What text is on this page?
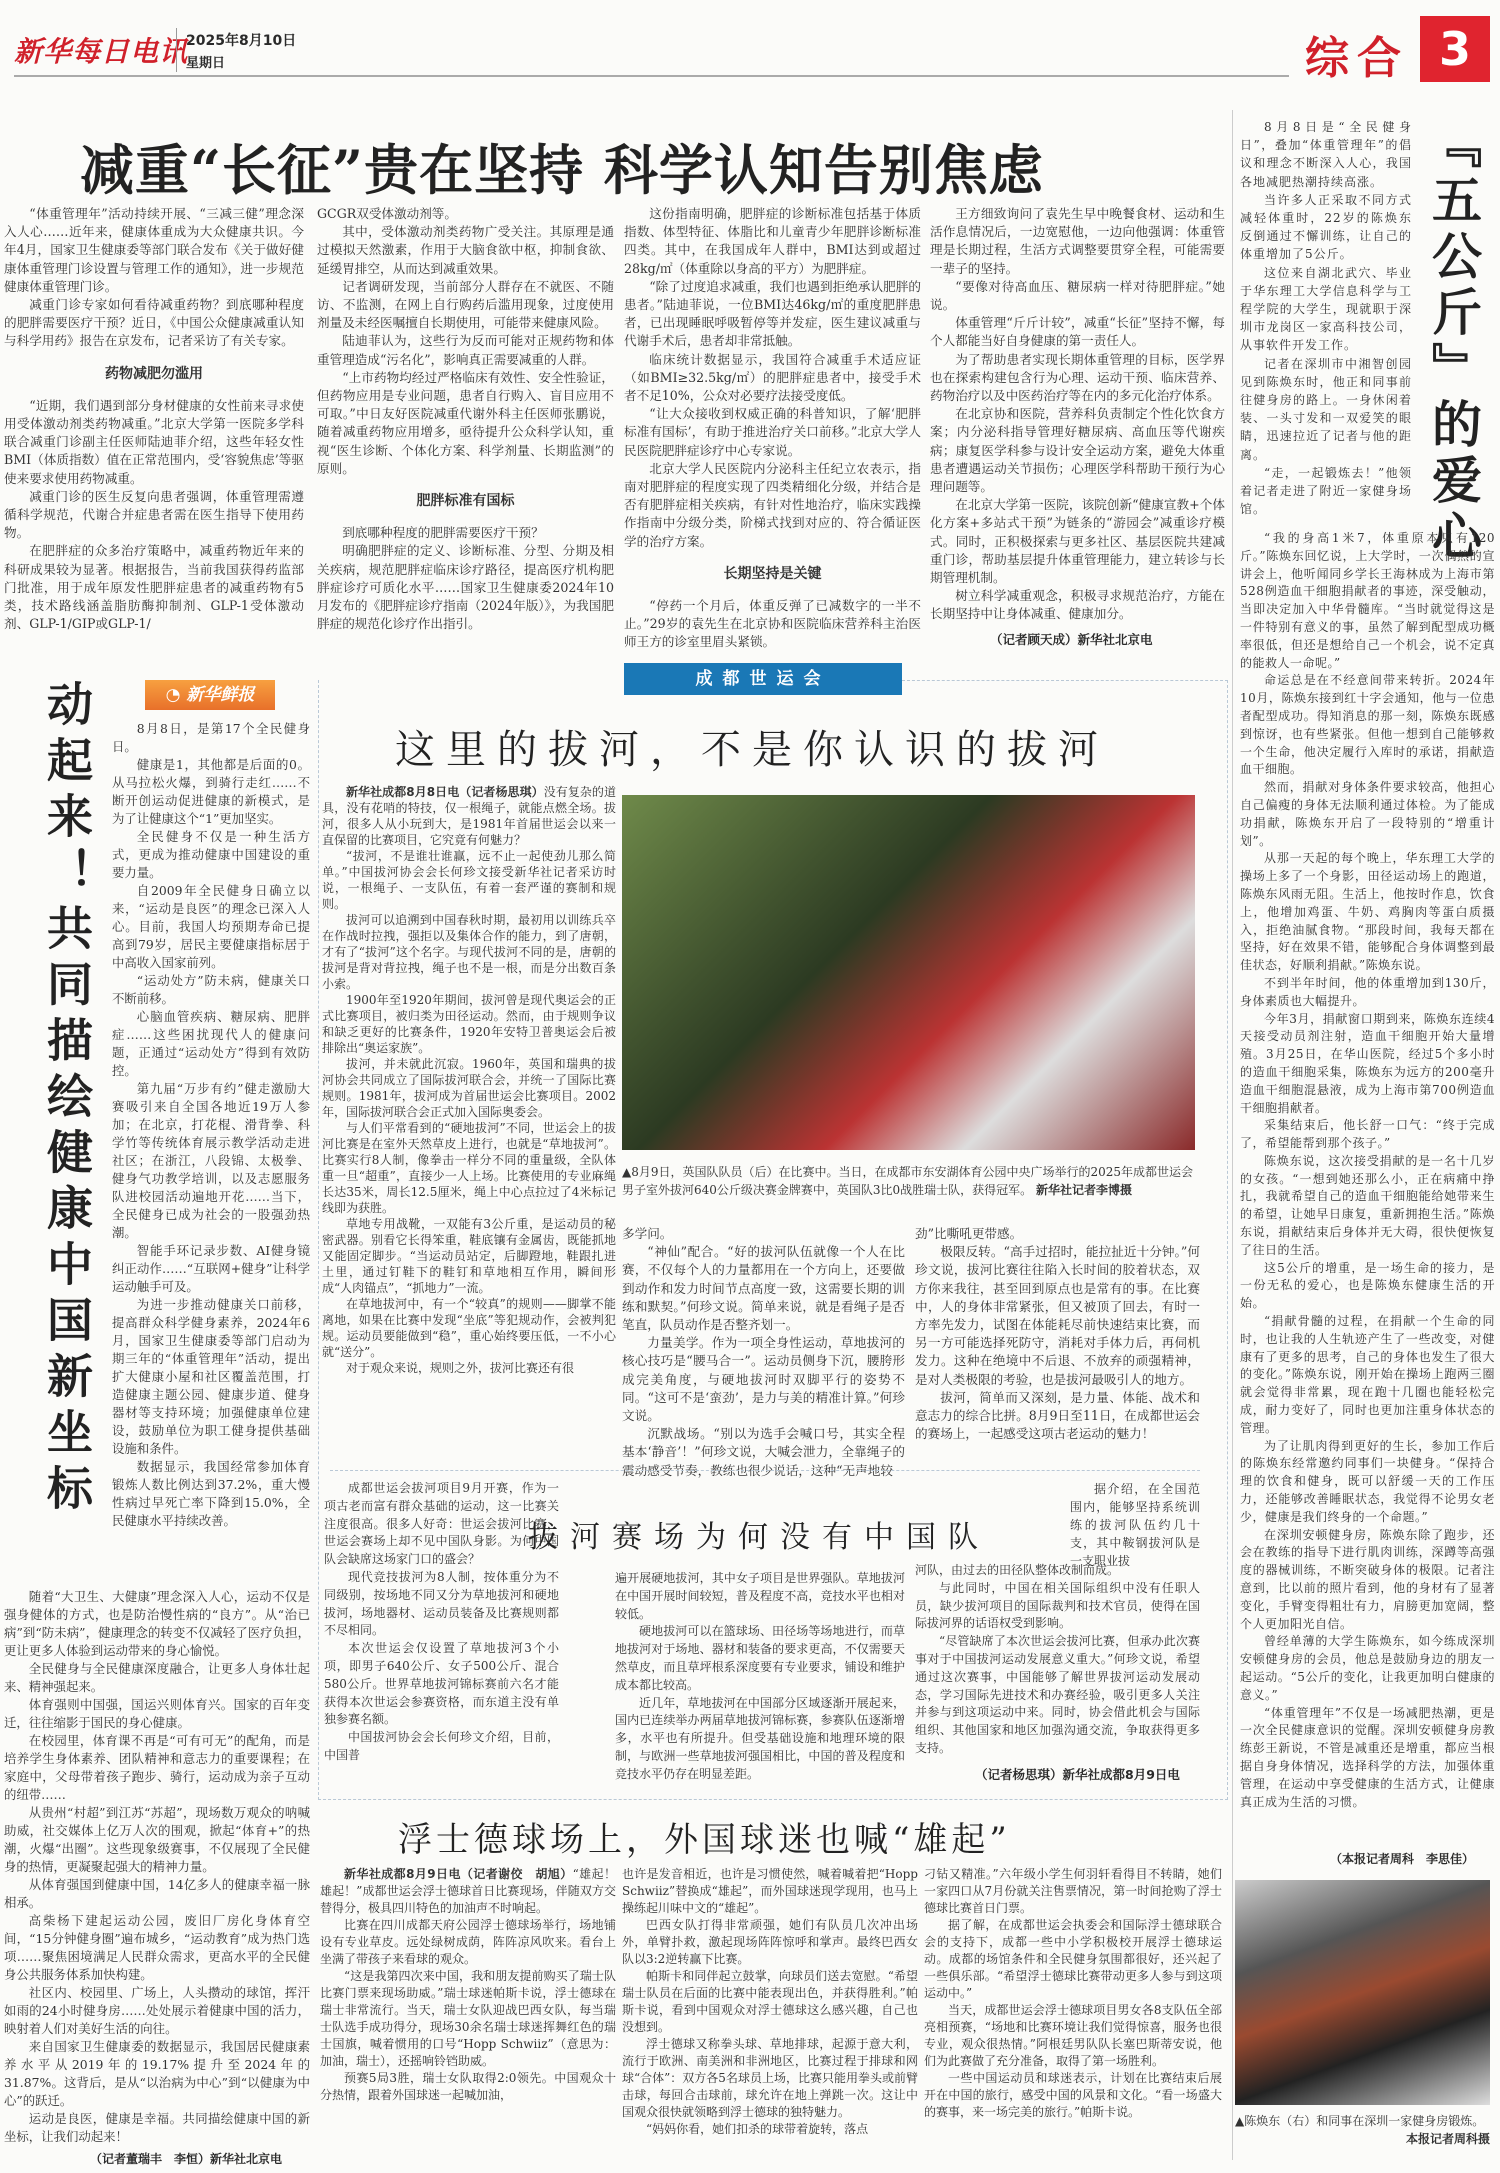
新华每日电讯
2025年8月10日
星期日	综合 3
减重“长征”贵在坚持 科学认知告别焦虑

“体重管理年”活动持续开展、“三减三健”理念深入人心……近年来，健康体重成为大众健康共识。今年4月，国家卫生健康委等部门联合发布《关于做好健康体重管理门诊设置与管理工作的通知》，进一步规范健康体重管理门诊。

减重门诊专家如何看待减重药物？到底哪种程度的肥胖需要医疗干预？近日，《中国公众健康减重认知与科学用药》报告在京发布，记者采访了有关专家。

药物减肥勿滥用

“近期，我们遇到部分身材健康的女性前来寻求使用受体激动剂类药物减重。”北京大学第一医院多学科联合减重门诊副主任医师陆迪菲介绍，这些年轻女性BMI（体质指数）值在正常范围内，受‘容貌焦虑’等驱使来要求使用药物减重。

减重门诊的医生反复向患者强调，体重管理需遵循科学规范，代谢合并症患者需在医生指导下使用药物。

在肥胖症的众多治疗策略中，减重药物近年来的科研成果较为显著。根据报告，当前我国获得药监部门批准，用于成年原发性肥胖症患者的减重药物有5类，技术路线涵盖脂肪酶抑制剂、GLP-1受体激动剂、GLP-1/GIP或GLP-1/

GCGR双受体激动剂等。

其中，受体激动剂类药物广受关注。其原理是通过模拟天然激素，作用于大脑食欲中枢，抑制食欲、延缓胃排空，从而达到减重效果。

记者调研发现，当前部分人群存在不就医、不随访、不监测，在网上自行购药后滥用现象，过度使用剂量及未经医嘱擅自长期使用，可能带来健康风险。

陆迪菲认为，这些行为反而可能对正规药物和体重管理造成“污名化”，影响真正需要减重的人群。

“上市药物均经过严格临床有效性、安全性验证，但药物应用是专业问题，患者自行购入、盲目应用不可取。”中日友好医院减重代谢外科主任医师张鹏说，随着减重药物应用增多，亟待提升公众科学认知，重视“医生诊断、个体化方案、科学剂量、长期监测”的原则。

肥胖标准有国标

到底哪种程度的肥胖需要医疗干预？

明确肥胖症的定义、诊断标准、分型、分期及相关疾病，规范肥胖症临床诊疗路径，提高医疗机构肥胖症诊疗可质化水平……国家卫生健康委2024年10月发布的《肥胖症诊疗指南（2024年版）》，为我国肥胖症的规范化诊疗作出指引。

这份指南明确，肥胖症的诊断标准包括基于体质指数、体型特征、体脂比和儿童青少年肥胖诊断标准四类。其中，在我国成年人群中，BMI达到或超过28kg/㎡（体重除以身高的平方）为肥胖症。

“除了过度追求减重，我们也遇到拒绝承认肥胖的患者。”陆迪菲说，一位BMI达46kg/㎡的重度肥胖患者，已出现睡眠呼吸暂停等并发症，医生建议减重与代谢手术后，患者却非常抵触。

临床统计数据显示，我国符合减重手术适应证（如BMI≥32.5kg/㎡）的肥胖症患者中，接受手术者不足10%，公众对必要疗法接受度低。

“让大众接收到权威正确的科普知识，了解‘肥胖标准有国标’，有助于推进治疗关口前移。”北京大学人民医院肥胖症诊疗中心专家说。

北京大学人民医院内分泌科主任纪立农表示，指南对肥胖症的程度实现了四类精细化分级，并结合是否有肥胖症相关疾病，有针对性地治疗，临床实践操作指南中分级分类，阶梯式找到对应的、符合循证医学的治疗方案。

长期坚持是关键

“停药一个月后，体重反弹了已减数字的一半不止。”29岁的袁先生在北京协和医院临床营养科主治医师王方的诊室里眉头紧锁。

王方细致询问了袁先生早中晚餐食材、运动和生活作息情况后，一边宽慰他，一边向他强调：体重管理是长期过程，生活方式调整要贯穿全程，可能需要一辈子的坚持。

“要像对待高血压、糖尿病一样对待肥胖症。”她说。

体重管理“斤斤计较”，减重“长征”坚持不懈，每个人都能当好自身健康的第一责任人。

为了帮助患者实现长期体重管理的目标，医学界也在探索构建包含行为心理、运动干预、临床营养、药物治疗以及中医药治疗等在内的多元化治疗体系。

在北京协和医院，营养科负责制定个性化饮食方案；内分泌科指导管理好糖尿病、高血压等代谢疾病；康复医学科参与设计安全运动方案，避免大体重患者遭遇运动关节损伤；心理医学科帮助干预行为心理问题等。

在北京大学第一医院，该院创新“健康宣教+个体化方案+多站式干预”为链条的“游园会”减重诊疗模式。同时，正积极探索与更多社区、基层医院共建减重门诊，帮助基层提升体重管理能力，建立转诊与长期管理机制。

树立科学减重观念，积极寻求规范治疗，方能在长期坚持中让身体减重、健康加分。

（记者顾天成）新华社北京电
『五公斤』的爱心

8月8日是“全民健身日”，叠加“体重管理年”的倡议和理念不断深入人心，我国各地减肥热潮持续高涨。

当许多人正采取不同方式减轻体重时，22岁的陈焕东反倒通过不懈训练，让自己的体重增加了5公斤。

这位来自湖北武穴、毕业于华东理工大学信息科学与工程学院的大学生，现就职于深圳市龙岗区一家高科技公司，从事软件开发工作。

记者在深圳市中湘智创园见到陈焕东时，他正和同事前往健身房的路上。一身休闲着装、一头寸发和一双爱笑的眼睛，迅速拉近了记者与他的距离。

“走，一起锻炼去！”他领着记者走进了附近一家健身场馆。

“我的身高1米7，体重原本只有120斤。”陈焕东回忆说，上大学时，一次偶然的宣讲会上，他听闻同乡学长王海林成为上海市第528例造血干细胞捐献者的事迹，深受触动，当即决定加入中华骨髓库。“当时就觉得这是一件特别有意义的事，虽然了解到配型成功概率很低，但还是想给自己一个机会，说不定真的能救人一命呢。”

命运总是在不经意间带来转折。2024年10月，陈焕东接到红十字会通知，他与一位患者配型成功。得知消息的那一刻，陈焕东既感到惊讶，也有些紧张。但他一想到自己能够救一个生命，他决定履行入库时的承诺，捐献造血干细胞。

然而，捐献对身体条件要求较高，他担心自己偏瘦的身体无法顺利通过体检。为了能成功捐献，陈焕东开启了一段特别的“增重计划”。

从那一天起的每个晚上，华东理工大学的操场上多了一个身影，田径运动场上的跑道，陈焕东风雨无阻。生活上，他按时作息，饮食上，他增加鸡蛋、牛奶、鸡胸肉等蛋白质摄入，拒绝油腻食物。“那段时间，我每天都在坚持，好在效果不错，能够配合身体调整到最佳状态，好顺利捐献。”陈焕东说。

不到半年时间，他的体重增加到130斤，身体素质也大幅提升。

今年3月，捐献窗口期到来，陈焕东连续4天接受动员剂注射，造血干细胞开始大量增殖。3月25日，在华山医院，经过5个多小时的造血干细胞采集，陈焕东为远方的200毫升造血干细胞混悬液，成为上海市第700例造血干细胞捐献者。

采集结束后，他长舒一口气：“终于完成了，希望能帮到那个孩子。”

陈焕东说，这次接受捐献的是一名十几岁的女孩。“一想到她还那么小，正在病痛中挣扎，我就希望自己的造血干细胞能给她带来生的希望，让她早日康复，重新拥抱生活。”陈焕东说，捐献结束后身体并无大碍，很快便恢复了往日的生活。

这5公斤的增重，是一场生命的接力，是一份无私的爱心，也是陈焕东健康生活的开始。

“捐献骨髓的过程，在捐献一个生命的同时，也让我的人生轨迹产生了一些改变，对健康有了更多的思考，自己的身体也发生了很大的变化。”陈焕东说，刚开始在操场上跑两三圈就会觉得非常累，现在跑十几圈也能轻松完成，耐力变好了，同时也更加注重身体状态的管理。

为了让肌肉得到更好的生长，参加工作后的陈焕东经常邀约同事们一块健身。“保持合理的饮食和健身，既可以舒缓一天的工作压力，还能够改善睡眠状态，我觉得不论男女老少，健康是我们终身的一个命题。”

在深圳安顿健身房，陈焕东除了跑步，还会在教练的指导下进行肌肉训练，深蹲等高强度的器械训练，不断突破身体的极限。记者注意到，比以前的照片看到，他的身材有了显著变化，手臂变得粗壮有力，肩膀更加宽阔，整个人更加阳光自信。

曾经单薄的大学生陈焕东，如今练成深圳安顿健身房的会员，他总是鼓励身边的朋友一起运动。“5公斤的变化，让我更加明白健康的意义。”

“体重管理年”不仅是一场减肥热潮，更是一次全民健康意识的觉醒。深圳安顿健身房教练彭王新说，不管是减重还是增重，都应当根据自身身体情况，选择科学的方法，加强体重管理，在运动中享受健康的生活方式，让健康真正成为生活的习惯。

（本报记者周科　李思佳）
▲陈焕东（右）和同事在深圳一家健身房锻炼。
本报记者周科摄
动起来！共同描绘健康中国新坐标	◔ 新华鲜报

8月8日，是第17个全民健身日。

健康是1，其他都是后面的0。从马拉松火爆，到骑行走红……不断开创运动促进健康的新模式，是为了让健康这个“1”更加坚实。

全民健身不仅是一种生活方式，更成为推动健康中国建设的重要力量。

自2009年全民健身日确立以来，“运动是良医”的理念已深入人心。目前，我国人均预期寿命已提高到79岁，居民主要健康指标居于中高收入国家前列。

“运动处方”防未病，健康关口不断前移。

心脑血管疾病、糖尿病、肥胖症……这些困扰现代人的健康问题，正通过“运动处方”得到有效防控。

第九届“万步有约”健走激励大赛吸引来自全国各地近19万人参加；在北京，打花棍、滑背拳、科学竹等传统体育展示教学活动走进社区；在浙江，八段锦、太极拳、健身气功教学培训，以及志愿服务队进校园活动遍地开花……当下，全民健身已成为社会的一股强劲热潮。

智能手环记录步数、AI健身镜纠正动作……“互联网+健身”让科学运动触手可及。

为进一步推动健康关口前移，提高群众科学健身素养，2024年6月，国家卫生健康委等部门启动为期三年的“体重管理年”活动，提出扩大健康小屋和社区覆盖范围，打造健康主题公园、健康步道、健身器材等支持环境；加强健康单位建设，鼓励单位为职工健身提供基础设施和条件。

数据显示，我国经常参加体育锻炼人数比例达到37.2%，重大慢性病过早死亡率下降到15.0%，全民健康水平持续改善。

随着“大卫生、大健康”理念深入人心，运动不仅是强身健体的方式，也是防治慢性病的“良方”。从“治已病”到“防未病”，健康理念的转变不仅减轻了医疗负担，更让更多人体验到运动带来的身心愉悦。

全民健身与全民健康深度融合，让更多人身体壮起来、精神强起来。

体育强则中国强，国运兴则体育兴。国家的百年变迁，往往缩影于国民的身心健康。

在校园里，体育课不再是“可有可无”的配角，而是培养学生身体素养、团队精神和意志力的重要课程；在家庭中，父母带着孩子跑步、骑行，运动成为亲子互动的纽带……

从贵州“村超”到江苏“苏超”，现场数万观众的呐喊助威，社交媒体上亿万人次的围观，掀起“体育+”的热潮，火爆“出圈”。这些现象级赛事，不仅展现了全民健身的热情，更凝聚起强大的精神力量。

从体育强国到健康中国，14亿多人的健康幸福一脉相承。

高柴杨下建起运动公园，废旧厂房化身体育空间，“15分钟健身圈”遍布城乡，“运动教育”成为热门选项……聚焦困境满足人民群众需求，更高水平的全民健身公共服务体系加快构建。

社区内、校园里、广场上，人头攒动的球馆，挥汗如雨的24小时健身房……处处展示着健康中国的活力，映射着人们对美好生活的向往。

来自国家卫生健康委的数据显示，我国居民健康素养水平从2019年的19.17%提升至2024年的31.87%。这背后，是从“以治病为中心”到“以健康为中心”的跃迁。

运动是良医，健康是幸福。共同描绘健康中国的新坐标，让我们动起来！

（记者董瑞丰　李恒）新华社北京电
成都世运会
这里的拔河，不是你认识的拔河

新华社成都8月8日电（记者杨思琪）没有复杂的道具，没有花哨的特技，仅一根绳子，就能点燃全场。拔河，很多人从小玩到大，是1981年首届世运会以来一直保留的比赛项目，它究竟有何魅力？

“拔河，不是谁壮谁赢，远不止一起使劲儿那么简单。”中国拔河协会会长何珍文接受新华社记者采访时说，一根绳子、一支队伍，有着一套严谨的赛制和规则。

拔河可以追溯到中国春秋时期，最初用以训练兵卒在作战时拉拽，强拒以及集体合作的能力，到了唐朝，才有了“拔河”这个名字。与现代拔河不同的是，唐朝的拔河是背对背拉拽，绳子也不是一根，而是分出数百条小索。

1900年至1920年期间，拔河曾是现代奥运会的正式比赛项目，被归类为田径运动。然而，由于规则争议和缺乏更好的比赛条件，1920年安特卫普奥运会后被排除出“奥运家族”。

拔河，并未就此沉寂。1960年，英国和瑞典的拔河协会共同成立了国际拔河联合会，并统一了国际比赛规则。1981年，拔河成为首届世运会比赛项目。2002年，国际拔河联合会正式加入国际奥委会。

与人们平常看到的“硬地拔河”不同，世运会上的拔河比赛是在室外天然草皮上进行，也就是“草地拔河”。比赛实行8人制，像拳击一样分不同的重量级，全队体重一旦“超重”，直接少一人上场。比赛使用的专业麻绳长达35米，周长12.5厘米，绳上中心点拉过了4米标记线即为获胜。

草地专用战靴，一双能有3公斤重，是运动员的秘密武器。别看它长得笨重，鞋底镶有金属齿，既能抓地又能固定脚步。“当运动员站定，后脚蹬地，鞋跟扎进土里，通过钉鞋下的鞋钉和草地相互作用，瞬间形成“人肉锚点”，“抓地力”一流。

在草地拔河中，有一个“较真”的规则——脚掌不能离地，如果在比赛中发现“坐底”等犯规动作，会被判犯规。运动员要能做到“稳”，重心始终要压低，一不小心就“送分”。

对于观众来说，规则之外，拔河比赛还有很

▲8月9日，英国队队员（后）在比赛中。当日，在成都市东安湖体育公园中央广场举行的2025年成都世运会男子室外拔河640公斤级决赛金牌赛中，英国队3比0战胜瑞士队，获得冠军。 新华社记者李博摄

多学问。

“神仙”配合。“好的拔河队伍就像一个人在比赛，不仅每个人的力量都用在一个方向上，还要做到动作和发力时间节点高度一致，这需要长期的训练和默契。”何珍文说。简单来说，就是看绳子是否笔直，队员动作是否整齐划一。

力量美学。作为一项全身性运动，草地拔河的核心技巧是“腰马合一”。运动员侧身下沉，腰胯形成完美角度，与硬地拔河时双脚平行的姿势不同。“这可不是‘蛮劲’，是力与美的精准计算。”何珍文说。

沉默战场。“别以为选手会喊口号，其实全程基本‘静音’！”何珍文说，大喊会泄力，全靠绳子的震动感受节奏，教练也很少说话，这种“无声地较

劲”比嘶吼更带感。

极限反转。“高手过招时，能拉扯近十分钟。”何珍文说，拔河比赛往往陷入长时间的胶着状态，双方你来我往，甚至回到原点也是常有的事。在比赛中，人的身体非常紧张，但又被顶了回去，有时一方率先发力，试图在体能耗尽前快速结束比赛，而另一方可能选择死防守，消耗对手体力后，再伺机发力。这种在绝境中不后退、不放弃的顽强精神，是对人类极限的考验，也是拔河最吸引人的地方。

拔河，简单而又深刻，是力量、体能、战术和意志力的综合比拼。8月9日至11日，在成都世运会的赛场上，一起感受这项古老运动的魅力！

成都世运会拔河项目9月开赛，作为一项古老而富有群众基础的运动，这一比赛关注度很高。很多人好奇：世运会拔河比赛，世运会赛场上却不见中国队身影。为何中国队会缺席这场家门口的盛会？

现代竞技拔河为8人制，按体重分为不同级别，按场地不同又分为草地拔河和硬地拔河，场地器材、运动员装备及比赛规则都不尽相同。

本次世运会仅设置了草地拔河3个小项，即男子640公斤、女子500公斤、混合580公斤。世界草地拔河锦标赛前六名才能获得本次世运会参赛资格，而东道主没有单独参赛名额。

中国拔河协会会长何珍文介绍，目前，中国普

拔河赛场为何没有中国队
据介绍，在全国范围内，能够坚持系统训练的拔河队伍约几十支，其中鞍钢拔河队是一支职业拔

遍开展硬地拔河，其中女子项目是世界强队。草地拔河在中国开展时间较短，普及程度不高，竞技水平也相对较低。

硬地拔河可以在篮球场、田径场等场地进行，而草地拔河对于场地、器材和装备的要求更高，不仅需要天然草皮，而且草坪根系深度要有专业要求，铺设和维护成本都比较高。

近几年，草地拔河在中国部分区域逐渐开展起来，国内已连续举办两届草地拔河锦标赛，参赛队伍逐渐增多，水平也有所提升。但受基础设施和地理环境的限制，与欧洲一些草地拔河强国相比，中国的普及程度和竞技水平仍存在明显差距。

河队，由过去的田径队整体改制而成。

与此同时，中国在相关国际组织中没有任职人员，缺少拔河项目的国际裁判和技术官员，使得在国际拔河界的话语权受到影响。

“尽管缺席了本次世运会拔河比赛，但承办此次赛事对于中国拔河运动发展意义重大。”何珍文说，希望通过这次赛事，中国能够了解世界拔河运动发展动态，学习国际先进技术和办赛经验，吸引更多人关注并参与到这项运动中来。同时，协会借此机会与国际组织、其他国家和地区加强沟通交流，争取获得更多支持。

（记者杨思琪）新华社成都8月9日电
浮士德球场上，外国球迷也喊“雄起”

新华社成都8月9日电（记者谢佼　胡旭）“雄起！雄起！”成都世运会浮士德球首日比赛现场，伴随双方交替得分，极具四川特色的加油声不时响起。

比赛在四川成都天府公园浮士德球场举行，场地铺设有专业草皮。远处绿树成荫，阵阵凉风吹来。看台上坐满了带孩子来看球的观众。

“这是我第四次来中国，我和朋友提前购买了瑞士队比赛门票来现场助威。”瑞士球迷帕斯卡说，浮士德球在瑞士非常流行。当天，瑞士女队迎战巴西女队，每当瑞士队选手成功得分，现场30余名瑞士球迷挥舞红色的瑞士国旗，喊着惯用的口号“Hopp Schwiiz”（意思为：加油，瑞士），还摇响铃铛助威。

预赛5局3胜，瑞士女队取得2:0领先。中国观众十分热情，跟着外国球迷一起喊加油，

也许是发音相近，也许是习惯使然，喊着喊着把“Hopp Schwiiz”替换成“雄起”，而外国球迷现学现用，也马上操练起川味中文的“雄起”。

巴西女队打得非常顽强，她们有队员几次冲出场外，单臂扑救，激起现场阵阵惊呼和掌声。最终巴西女队以3:2逆转赢下比赛。

帕斯卡和同伴起立鼓掌，向球员们送去宽慰。“希望瑞士队员在后面的比赛中能表现出色，并获得胜利。”帕斯卡说，看到中国观众对浮士德球这么感兴趣，自己也没想到。

浮士德球又称拳头球、草地排球，起源于意大利，流行于欧洲、南美洲和非洲地区，比赛过程于排球和网球“合体”：双方各5名球员上场，比赛只能用拳头或前臂击球，每回合击球前，球允许在地上弹跳一次。这让中国观众很快就领略到浮士德球的独特魅力。

“妈妈你看，她们扣杀的球带着旋转，落点

刁钻又精准。”六年级小学生何羽轩看得目不转睛，她们一家四口从7月份就关注售票情况，第一时间抢购了浮士德球比赛首日门票。

据了解，在成都世运会执委会和国际浮士德球联合会的支持下，成都一些中小学积极校开展浮士德球运动。成都的场馆条件和全民健身氛围都很好，还兴起了一些俱乐部。“希望浮士德球比赛带动更多人参与到这项运动中。”

当天，成都世运会浮士德球项目男女各8支队伍全部亮相预赛，“场地和比赛环境让我们觉得惊喜，服务也很专业，观众很热情。”阿根廷男队队长塞巴斯蒂安说，他们为此赛做了充分准备，取得了第一场胜利。

一些中国运动员和球迷表示，计划在比赛结束后展开在中国的旅行，感受中国的风景和文化。“看一场盛大的赛事，来一场完美的旅行。”帕斯卡说。
